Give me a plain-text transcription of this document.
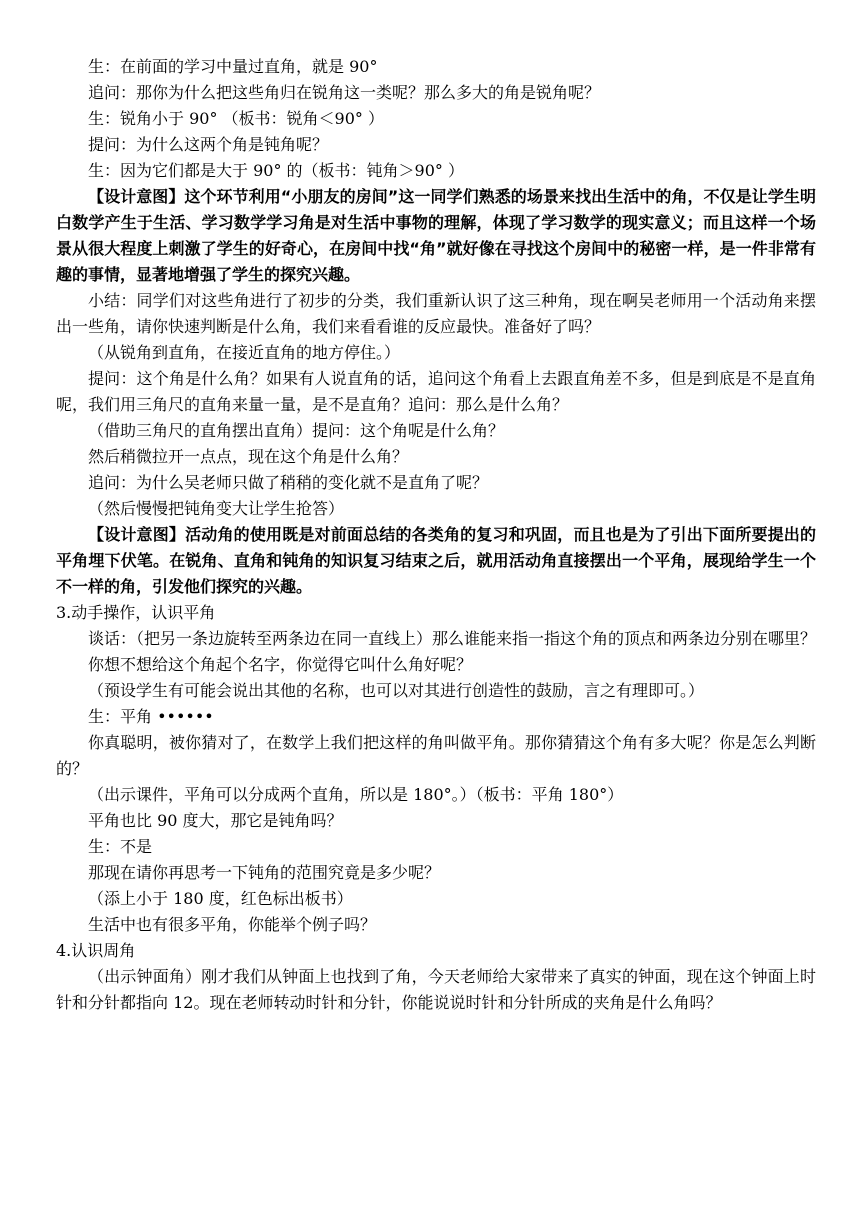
生：在前面的学习中量过直角，就是 90°

追问：那你为什么把这些角归在锐角这一类呢？那么多大的角是锐角呢？

生：锐角小于 90° （板书：锐角＜90° ）

提问：为什么这两个角是钝角呢？

生：因为它们都是大于 90° 的（板书：钝角＞90° ）

【设计意图】这个环节利用“小朋友的房间”这一同学们熟悉的场景来找出生活中的角，不仅是让学生明白数学产生于生活、学习数学学习角是对生活中事物的理解，体现了学习数学的现实意义；而且这样一个场景从很大程度上刺激了学生的好奇心，在房间中找“角”就好像在寻找这个房间中的秘密一样，是一件非常有趣的事情，显著地增强了学生的探究兴趣。

小结：同学们对这些角进行了初步的分类，我们重新认识了这三种角，现在啊吴老师用一个活动角来摆出一些角，请你快速判断是什么角，我们来看看谁的反应最快。准备好了吗？

（从锐角到直角，在接近直角的地方停住。）

提问：这个角是什么角？如果有人说直角的话，追问这个角看上去跟直角差不多，但是到底是不是直角呢，我们用三角尺的直角来量一量，是不是直角？追问：那么是什么角？

（借助三角尺的直角摆出直角）提问：这个角呢是什么角？

然后稍微拉开一点点，现在这个角是什么角？

追问：为什么吴老师只做了稍稍的变化就不是直角了呢？

（然后慢慢把钝角变大让学生抢答）

【设计意图】活动角的使用既是对前面总结的各类角的复习和巩固，而且也是为了引出下面所要提出的平角埋下伏笔。在锐角、直角和钝角的知识复习结束之后，就用活动角直接摆出一个平角，展现给学生一个不一样的角，引发他们探究的兴趣。

3.动手操作，认识平角

谈话：（把另一条边旋转至两条边在同一直线上）那么谁能来指一指这个角的顶点和两条边分别在哪里？

你想不想给这个角起个名字，你觉得它叫什么角好呢？

（预设学生有可能会说出其他的名称，也可以对其进行创造性的鼓励，言之有理即可。）

生：平角 ••••••

你真聪明，被你猜对了，在数学上我们把这样的角叫做平角。那你猜猜这个角有多大呢？你是怎么判断的？

（出示课件，平角可以分成两个直角，所以是 180°。）（板书：平角 180°）

平角也比 90 度大，那它是钝角吗？

生：不是

那现在请你再思考一下钝角的范围究竟是多少呢？

（添上小于 180 度，红色标出板书）

生活中也有很多平角，你能举个例子吗？

4.认识周角

（出示钟面角）刚才我们从钟面上也找到了角，今天老师给大家带来了真实的钟面，现在这个钟面上时针和分针都指向 12。现在老师转动时针和分针，你能说说时针和分针所成的夹角是什么角吗？
